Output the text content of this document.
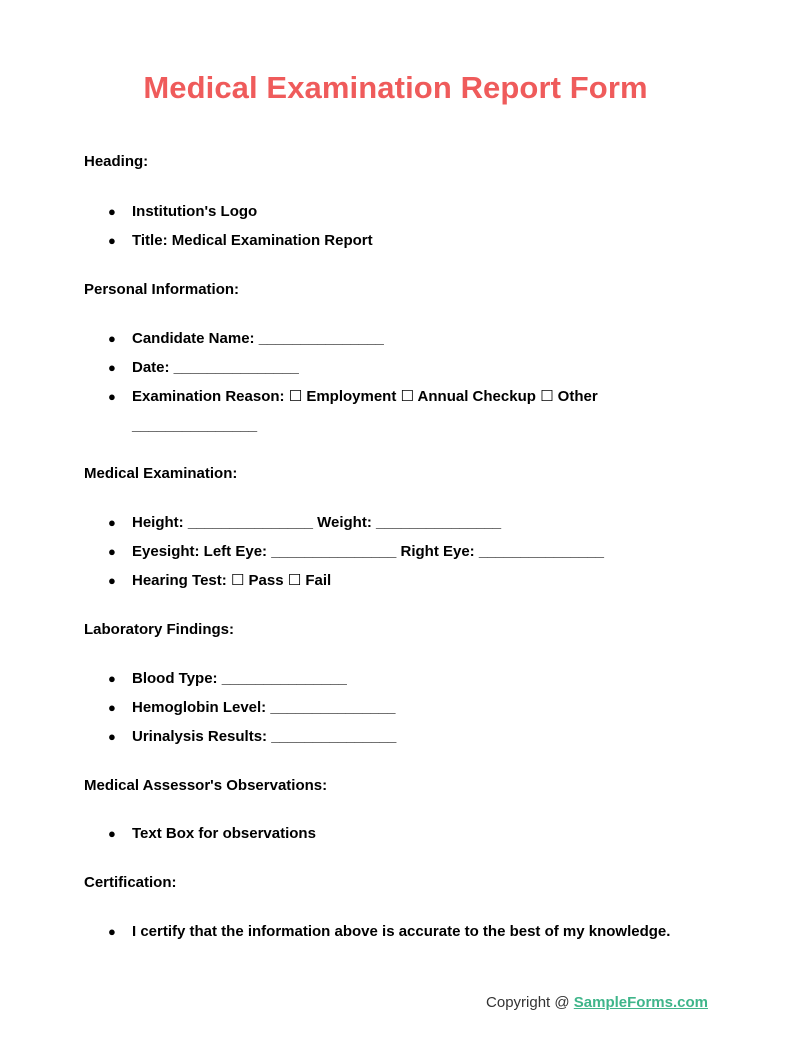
Medical Examination Report Form

Heading:

● Institution's Logo
● Title: Medical Examination Report

Personal Information:

● Candidate Name: _______________
● Date: _______________
● Examination Reason: ☐ Employment ☐ Annual Checkup ☐ Other _______________

Medical Examination:

● Height: _______________ Weight: _______________
● Eyesight: Left Eye: _______________ Right Eye: _______________
● Hearing Test: ☐ Pass ☐ Fail

Laboratory Findings:

● Blood Type: _______________
● Hemoglobin Level: _______________
● Urinalysis Results: _______________

Medical Assessor's Observations:

● Text Box for observations

Certification:

● I certify that the information above is accurate to the best of my knowledge.
Copyright @ SampleForms.com
